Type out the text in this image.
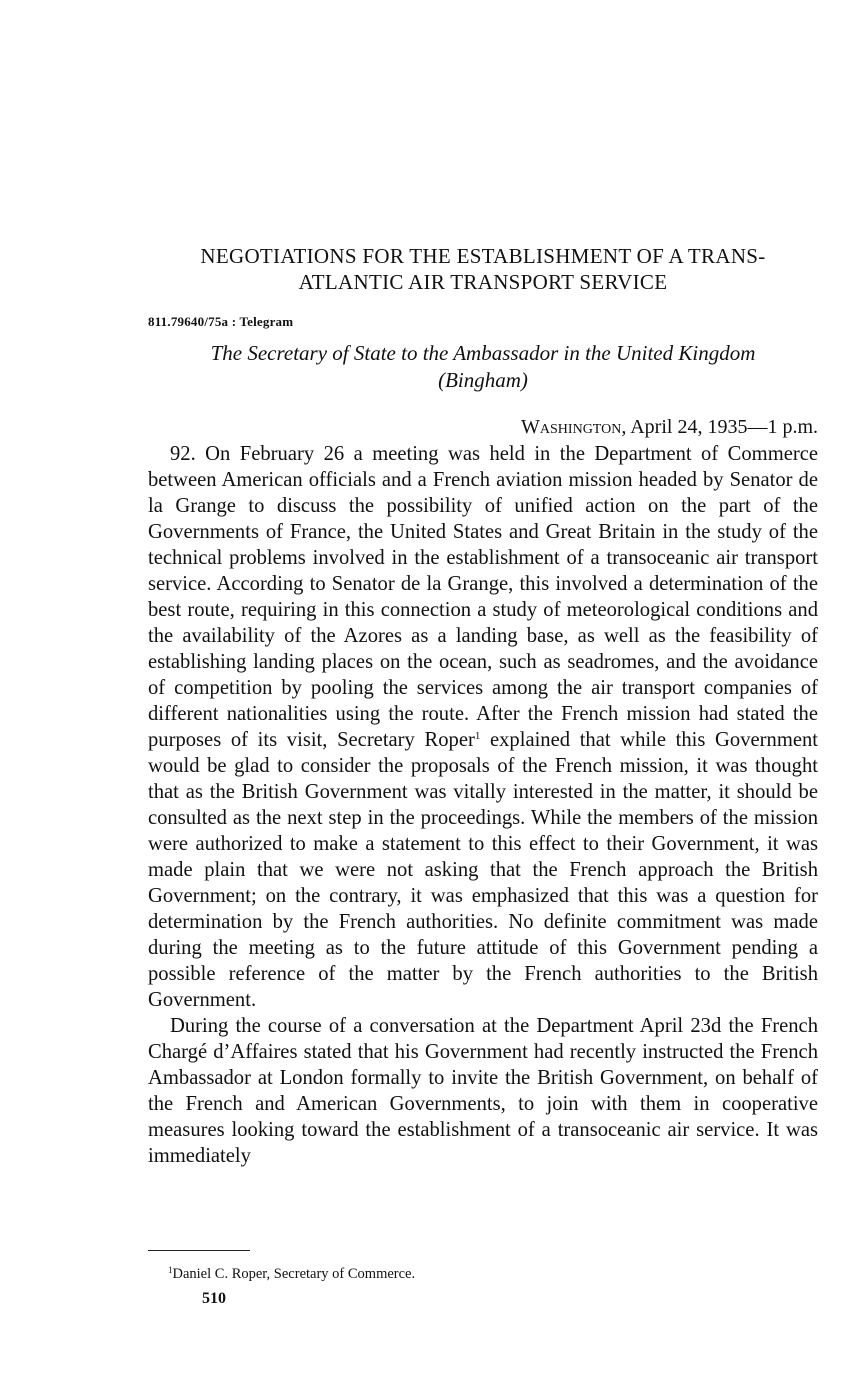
NEGOTIATIONS FOR THE ESTABLISHMENT OF A TRANS-
ATLANTIC AIR TRANSPORT SERVICE
811.79640/75a : Telegram
The Secretary of State to the Ambassador in the United Kingdom
(Bingham)
Washington, April 24, 1935—1 p.m.

92. On February 26 a meeting was held in the Department of Commerce between American officials and a French aviation mission headed by Senator de la Grange to discuss the possibility of unified action on the part of the Governments of France, the United States and Great Britain in the study of the technical problems involved in the establishment of a transoceanic air transport service. According to Senator de la Grange, this involved a determination of the best route, requiring in this connection a study of meteorological conditions and the availability of the Azores as a landing base, as well as the feasibility of establishing landing places on the ocean, such as seadromes, and the avoidance of competition by pooling the services among the air transport companies of different nationalities using the route. After the French mission had stated the purposes of its visit, Secretary Roper$^1$ explained that while this Government would be glad to consider the proposals of the French mission, it was thought that as the British Government was vitally interested in the matter, it should be consulted as the next step in the proceedings. While the members of the mission were authorized to make a statement to this effect to their Government, it was made plain that we were not asking that the French approach the British Government; on the contrary, it was emphasized that this was a question for determination by the French authorities. No definite commitment was made during the meeting as to the future attitude of this Government pending a possible reference of the matter by the French authorities to the British Government.

During the course of a conversation at the Department April 23d the French Chargé d’Affaires stated that his Government had recently instructed the French Ambassador at London formally to invite the British Government, on behalf of the French and American Governments, to join with them in cooperative measures looking toward the establishment of a transoceanic air service. It was immediately

$^1$Daniel C. Roper, Secretary of Commerce.
510
